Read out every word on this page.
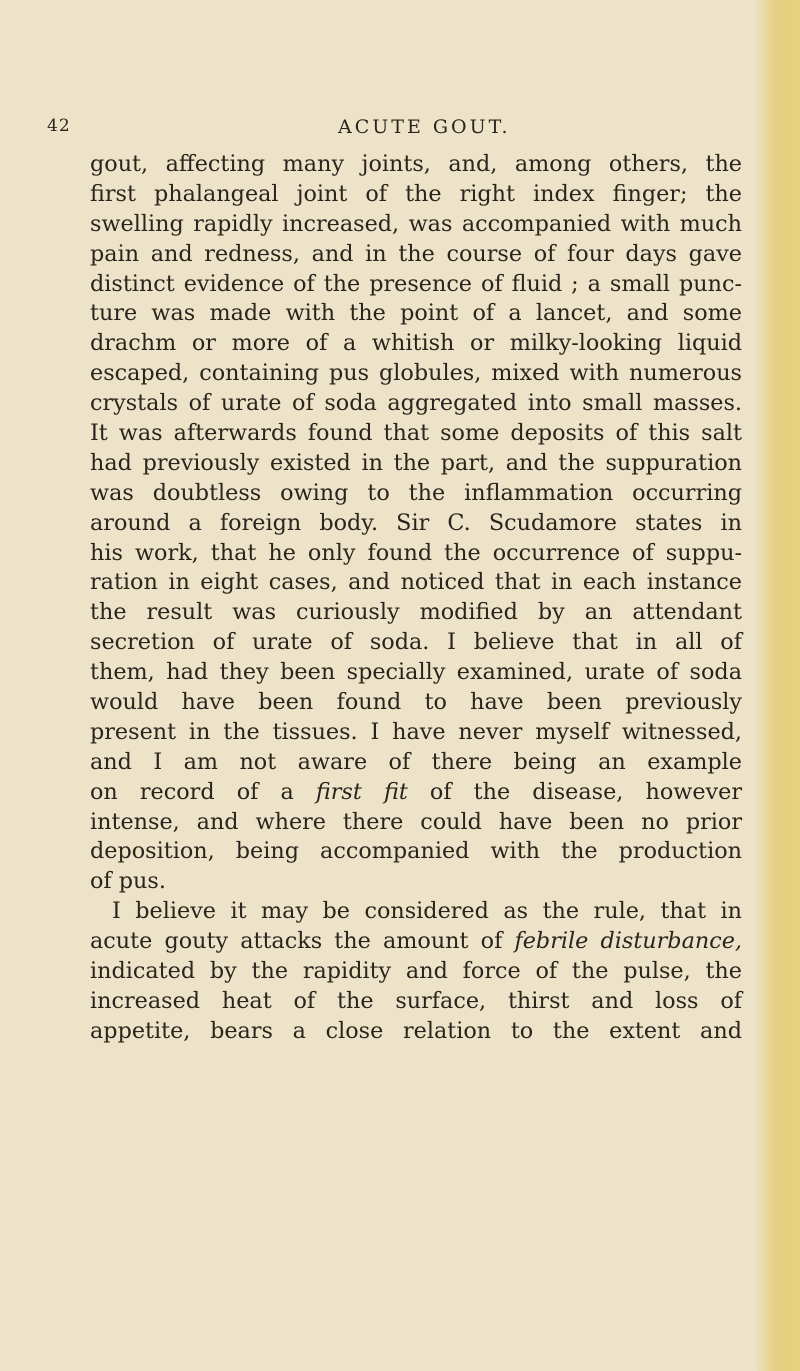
42	ACUTE GOUT.
gout, affecting many joints, and, among others, the
first phalangeal joint of the right index finger; the
swelling rapidly increased, was accompanied with much
pain and redness, and in the course of four days gave
distinct evidence of the presence of fluid ; a small punc-
ture was made with the point of a lancet, and some
drachm or more of a whitish or milky-looking liquid
escaped, containing pus globules, mixed with numerous
crystals of urate of soda aggregated into small masses.
It was afterwards found that some deposits of this salt
had previously existed in the part, and the suppuration
was doubtless owing to the inflammation occurring
around a foreign body. Sir C. Scudamore states in
his work, that he only found the occurrence of suppu-
ration in eight cases, and noticed that in each instance
the result was curiously modified by an attendant
secretion of urate of soda. I believe that in all of
them, had they been specially examined, urate of soda
would have been found to have been previously
present in the tissues. I have never myself witnessed,
and I am not aware of there being an example
on record of a first fit of the disease, however
intense, and where there could have been no prior
deposition, being accompanied with the production
of pus.
I believe it may be considered as the rule, that in
acute gouty attacks the amount of febrile disturbance,
indicated by the rapidity and force of the pulse, the
increased heat of the surface, thirst and loss of
appetite, bears a close relation to the extent and
